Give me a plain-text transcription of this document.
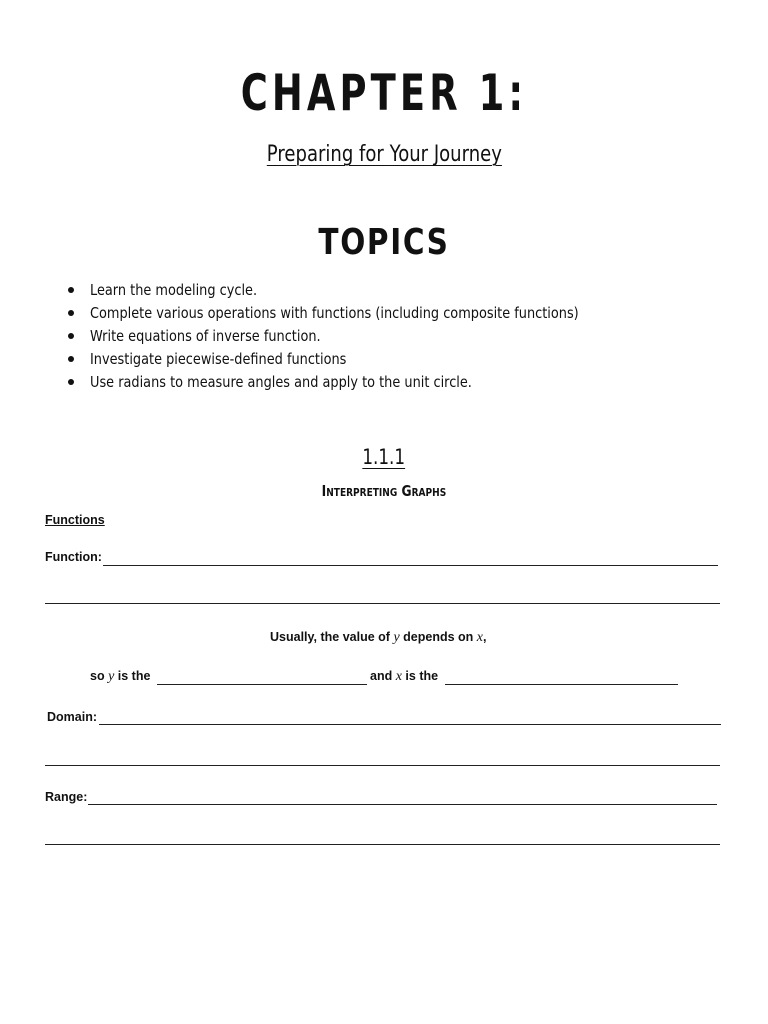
CHAPTER 1:
Preparing for Your Journey
TOPICS
Learn the modeling cycle.
Complete various operations with functions (including composite functions)
Write equations of inverse function.
Investigate piecewise-defined functions
Use radians to measure angles and apply to the unit circle.
1.1.1
Interpreting Graphs
Functions
Function:
Usually, the value of y depends on x,
so y is the	and x is the
Domain:
Range:
